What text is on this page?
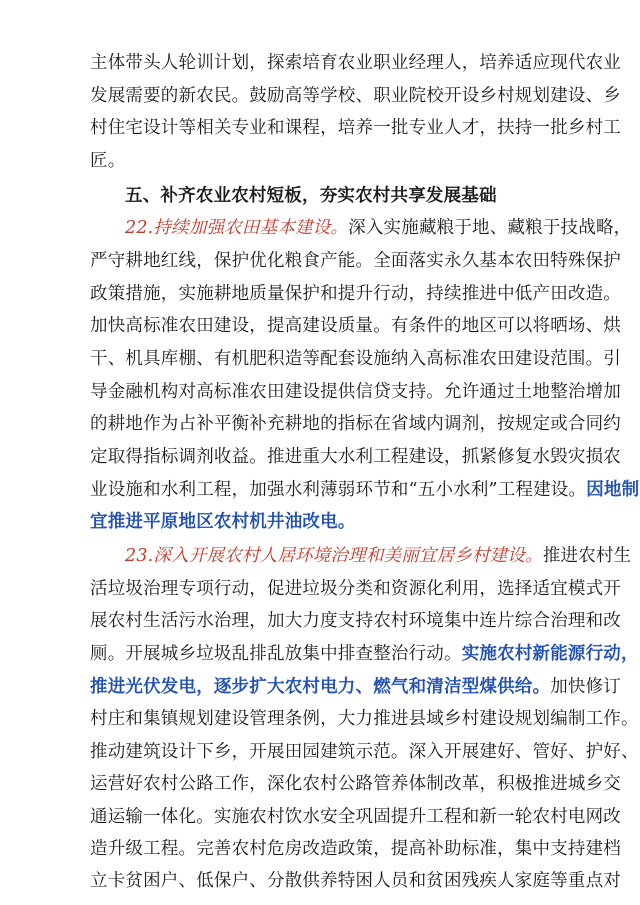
主体带头人轮训计划，探索培育农业职业经理人，培养适应现代农业
发展需要的新农民。鼓励高等学校、职业院校开设乡村规划建设、乡
村住宅设计等相关专业和课程，培养一批专业人才，扶持一批乡村工
匠。
五、补齐农业农村短板，夯实农村共享发展基础
22.持续加强农田基本建设。深入实施藏粮于地、藏粮于技战略，
严守耕地红线，保护优化粮食产能。全面落实永久基本农田特殊保护
政策措施，实施耕地质量保护和提升行动，持续推进中低产田改造。
加快高标准农田建设，提高建设质量。有条件的地区可以将晒场、烘
干、机具库棚、有机肥积造等配套设施纳入高标准农田建设范围。引
导金融机构对高标准农田建设提供信贷支持。允许通过土地整治增加
的耕地作为占补平衡补充耕地的指标在省域内调剂，按规定或合同约
定取得指标调剂收益。推进重大水利工程建设，抓紧修复水毁灾损农
业设施和水利工程，加强水利薄弱环节和“五小水利”工程建设。因地制
宜推进平原地区农村机井油改电。
23.深入开展农村人居环境治理和美丽宜居乡村建设。推进农村生
活垃圾治理专项行动，促进垃圾分类和资源化利用，选择适宜模式开
展农村生活污水治理，加大力度支持农村环境集中连片综合治理和改
厕。开展城乡垃圾乱排乱放集中排查整治行动。实施农村新能源行动，
推进光伏发电，逐步扩大农村电力、燃气和清洁型煤供给。加快修订
村庄和集镇规划建设管理条例，大力推进县域乡村建设规划编制工作。
推动建筑设计下乡，开展田园建筑示范。深入开展建好、管好、护好、
运营好农村公路工作，深化农村公路管养体制改革，积极推进城乡交
通运输一体化。实施农村饮水安全巩固提升工程和新一轮农村电网改
造升级工程。完善农村危房改造政策，提高补助标准，集中支持建档
立卡贫困户、低保户、分散供养特困人员和贫困残疾人家庭等重点对
